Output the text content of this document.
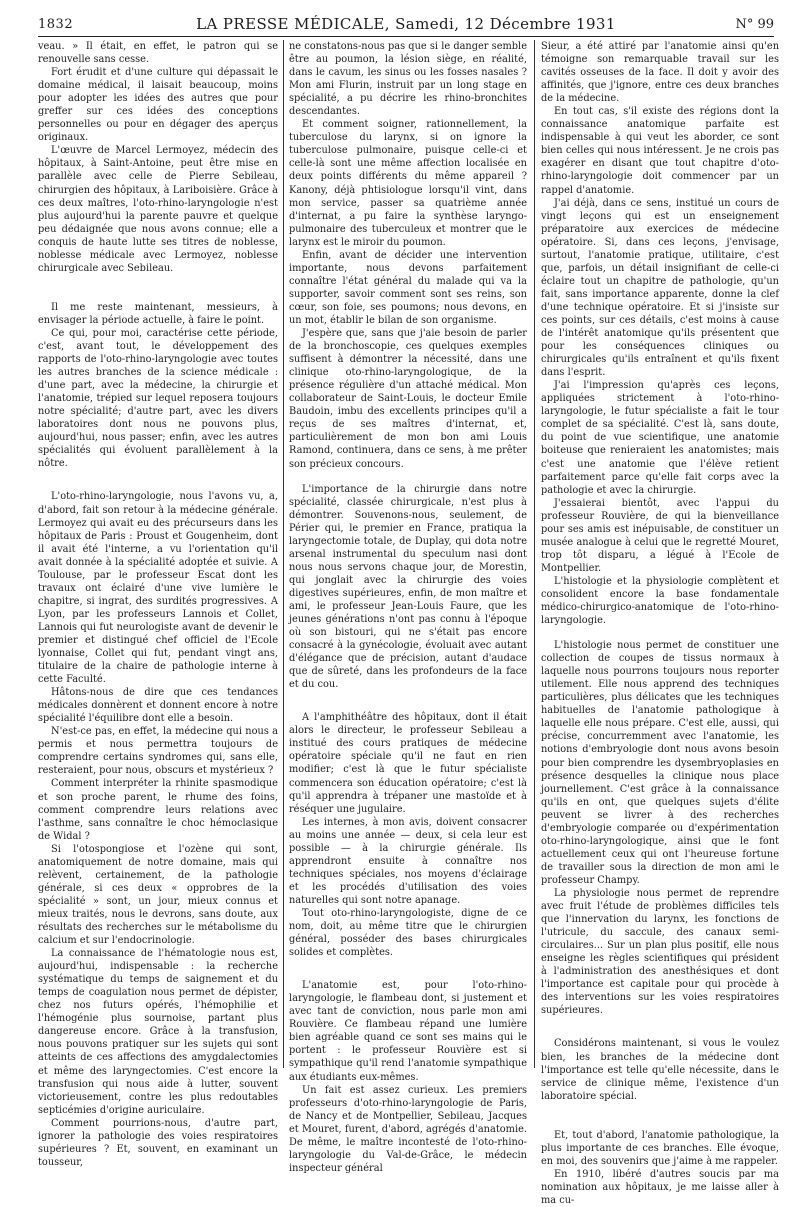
1832	LA PRESSE MÉDICALE, Samedi, 12 Décembre 1931	N° 99

veau. » Il était, en effet, le patron qui se renouvelle sans cesse.

Fort érudit et d'une culture qui dépassait le domaine médical, il laisait beaucoup, moins pour adopter les idées des autres que pour greffer sur ces idées des conceptions personnelles ou pour en dégager des aperçus originaux.

L'œuvre de Marcel Lermoyez, médecin des hôpitaux, à Saint-Antoine, peut être mise en parallèle avec celle de Pierre Sebileau, chirurgien des hôpitaux, à Lariboisière. Grâce à ces deux maîtres, l'oto-rhino-laryngologie n'est plus aujourd'hui la parente pauvre et quelque peu dédaignée que nous avons connue; elle a conquis de haute lutte ses titres de noblesse, noblesse médicale avec Lermoyez, noblesse chirurgicale avec Sebileau.

Il me reste maintenant, messieurs, à envisager la période actuelle, à faire le point.

Ce qui, pour moi, caractérise cette période, c'est, avant tout, le développement des rapports de l'oto-rhino-laryngologie avec toutes les autres branches de la science médicale : d'une part, avec la médecine, la chirurgie et l'anatomie, trépied sur lequel reposera toujours notre spécialité; d'autre part, avec les divers laboratoires dont nous ne pouvons plus, aujourd'hui, nous passer; enfin, avec les autres spécialités qui évoluent parallèlement à la nôtre.

L'oto-rhino-laryngologie, nous l'avons vu, a, d'abord, fait son retour à la médecine générale. Lermoyez qui avait eu des précurseurs dans les hôpitaux de Paris : Proust et Gougenheim, dont il avait été l'interne, a vu l'orientation qu'il avait donnée à la spécialité adoptée et suivie. A Toulouse, par le professeur Escat dont les travaux ont éclairé d'une vive lumière le chapitre, si ingrat, des surdités progressives. A Lyon, par les professeurs Lannois et Collet, Lannois qui fut neurologiste avant de devenir le premier et distingué chef officiel de l'Ecole lyonnaise, Collet qui fut, pendant vingt ans, titulaire de la chaire de pathologie interne à cette Faculté.

Hâtons-nous de dire que ces tendances médicales donnèrent et donnent encore à notre spécialité l'équilibre dont elle a besoin.

N'est-ce pas, en effet, la médecine qui nous a permis et nous permettra toujours de comprendre certains syndromes qui, sans elle, resteraient, pour nous, obscurs et mystérieux ?

Comment interpréter la rhinite spasmodique et son proche parent, le rhume des foins, comment comprendre leurs relations avec l'asthme, sans connaître le choc hémoclasique de Widal ?

Si l'otospongiose et l'ozène qui sont, anatomiquement de notre domaine, mais qui relèvent, certainement, de la pathologie générale, si ces deux « opprobres de la spécialité » sont, un jour, mieux connus et mieux traités, nous le devrons, sans doute, aux résultats des recherches sur le métabolisme du calcium et sur l'endocrinologie.

La connaissance de l'hématologie nous est, aujourd'hui, indispensable : la recherche systématique du temps de saignement et du temps de coagulation nous permet de dépister, chez nos futurs opérés, l'hémophilie et l'hémogénie plus sournoise, partant plus dangereuse encore. Grâce à la transfusion, nous pouvons pratiquer sur les sujets qui sont atteints de ces affections des amygdalectomies et même des laryngectomies. C'est encore la transfusion qui nous aide à lutter, souvent victorieusement, contre les plus redoutables septicémies d'origine auriculaire.

Comment pourrions-nous, d'autre part, ignorer la pathologie des voies respiratoires supérieures ? Et, souvent, en examinant un tousseur,

ne constatons-nous pas que si le danger semble être au poumon, la lésion siège, en réalité, dans le cavum, les sinus ou les fosses nasales ? Mon ami Flurin, instruit par un long stage en spécialité, a pu décrire les rhino-bronchites descendantes.

Et comment soigner, rationnellement, la tuberculose du larynx, si on ignore la tuberculose pulmonaire, puisque celle-ci et celle-là sont une même affection localisée en deux points différents du même appareil ? Kanony, déjà phtisiologue lorsqu'il vint, dans mon service, passer sa quatrième année d'internat, a pu faire la synthèse laryngo-pulmonaire des tuberculeux et montrer que le larynx est le miroir du poumon.

Enfin, avant de décider une intervention importante, nous devons parfaitement connaître l'état général du malade qui va la supporter, savoir comment sont ses reins, son cœur, son foie, ses poumons; nous devons, en un mot, établir le bilan de son organisme.

J'espère que, sans que j'aie besoin de parler de la bronchoscopie, ces quelques exemples suffisent à démontrer la nécessité, dans une clinique oto-rhino-laryngologique, de la présence régulière d'un attaché médical. Mon collaborateur de Saint-Louis, le docteur Emile Baudoin, imbu des excellents principes qu'il a reçus de ses maîtres d'internat, et, particulièrement de mon bon ami Louis Ramond, continuera, dans ce sens, à me prêter son précieux concours.

L'importance de la chirurgie dans notre spécialité, classée chirurgicale, n'est plus à démontrer. Souvenons-nous, seulement, de Périer qui, le premier en France, pratiqua la laryngectomie totale, de Duplay, qui dota notre arsenal instrumental du speculum nasi dont nous nous servons chaque jour, de Morestin, qui jonglait avec la chirurgie des voies digestives supérieures, enfin, de mon maître et ami, le professeur Jean-Louis Faure, que les jeunes générations n'ont pas connu à l'époque où son bistouri, qui ne s'était pas encore consacré à la gynécologie, évoluait avec autant d'élégance que de précision, autant d'audace que de sûreté, dans les profondeurs de la face et du cou.

A l'amphithéâtre des hôpitaux, dont il était alors le directeur, le professeur Sebileau a institué des cours pratiques de médecine opératoire spéciale qu'il ne faut en rien modifier; c'est là que le futur spécialiste commencera son éducation opératoire; c'est là qu'il apprendra à trépaner une mastoïde et à réséquer une jugulaire.

Les internes, à mon avis, doivent consacrer au moins une année — deux, si cela leur est possible — à la chirurgie générale. Ils apprendront ensuite à connaître nos techniques spéciales, nos moyens d'éclairage et les procédés d'utilisation des voies naturelles qui sont notre apanage.

Tout oto-rhino-laryngologiste, digne de ce nom, doit, au même titre que le chirurgien général, posséder des bases chirurgicales solides et complètes.

L'anatomie est, pour l'oto-rhino-laryngologie, le flambeau dont, si justement et avec tant de conviction, nous parle mon ami Rouvière. Ce flambeau répand une lumière bien agréable quand ce sont ses mains qui le portent : le professeur Rouvière est si sympathique qu'il rend l'anatomie sympathique aux étudiants eux-mêmes.

Un fait est assez curieux. Les premiers professeurs d'oto-rhino-laryngologie de Paris, de Nancy et de Montpellier, Sebileau, Jacques et Mouret, furent, d'abord, agrégés d'anatomie. De même, le maître incontesté de l'oto-rhino-laryngologie du Val-de-Grâce, le médecin inspecteur général

Sieur, a été attiré par l'anatomie ainsi qu'en témoigne son remarquable travail sur les cavités osseuses de la face. Il doit y avoir des affinités, que j'ignore, entre ces deux branches de la médecine.

En tout cas, s'il existe des régions dont la connaissance anatomique parfaite est indispensable à qui veut les aborder, ce sont bien celles qui nous intéressent. Je ne crois pas exagérer en disant que tout chapitre d'oto-rhino-laryngologie doit commencer par un rappel d'anatomie.

J'ai déjà, dans ce sens, institué un cours de vingt leçons qui est un enseignement préparatoire aux exercices de médecine opératoire. Si, dans ces leçons, j'envisage, surtout, l'anatomie pratique, utilitaire, c'est que, parfois, un détail insignifiant de celle-ci éclaire tout un chapitre de pathologie, qu'un fait, sans importance apparente, donne la clef d'une technique opératoire. Et si j'insiste sur ces points, sur ces détails, c'est moins à cause de l'intérêt anatomique qu'ils présentent que pour les conséquences cliniques ou chirurgicales qu'ils entraînent et qu'ils fixent dans l'esprit.

J'ai l'impression qu'après ces leçons, appliquées strictement à l'oto-rhino-laryngologie, le futur spécialiste a fait le tour complet de sa spécialité. C'est là, sans doute, du point de vue scientifique, une anatomie boiteuse que renieraient les anatomistes; mais c'est une anatomie que l'élève retient parfaitement parce qu'elle fait corps avec la pathologie et avec la chirurgie.

J'essaierai bientôt, avec l'appui du professeur Rouvière, de qui la bienveillance pour ses amis est inépuisable, de constituer un musée analogue à celui que le regretté Mouret, trop tôt disparu, a légué à l'Ecole de Montpellier.

L'histologie et la physiologie complètent et consolident encore la base fondamentale médico-chirurgico-anatomique de l'oto-rhino-laryngologie.

L'histologie nous permet de constituer une collection de coupes de tissus normaux à laquelle nous pourrons toujours nous reporter utilement. Elle nous apprend des techniques particulières, plus délicates que les techniques habituelles de l'anatomie pathologique à laquelle elle nous prépare. C'est elle, aussi, qui précise, concurremment avec l'anatomie, les notions d'embryologie dont nous avons besoin pour bien comprendre les dysembryoplasies en présence desquelles la clinique nous place journellement. C'est grâce à la connaissance qu'ils en ont, que quelques sujets d'élite peuvent se livrer à des recherches d'embryologie comparée ou d'expérimentation oto-rhino-laryngologique, ainsi que le font actuellement ceux qui ont l'heureuse fortune de travailler sous la direction de mon ami le professeur Champy.

La physiologie nous permet de reprendre avec fruit l'étude de problèmes difficiles tels que l'innervation du larynx, les fonctions de l'utricule, du saccule, des canaux semi-circulaires... Sur un plan plus positif, elle nous enseigne les règles scientifiques qui président à l'administration des anesthésiques et dont l'importance est capitale pour qui procède à des interventions sur les voies respiratoires supérieures.

Considérons maintenant, si vous le voulez bien, les branches de la médecine dont l'importance est telle qu'elle nécessite, dans le service de clinique même, l'existence d'un laboratoire spécial.

Et, tout d'abord, l'anatomie pathologique, la plus importante de ces branches. Elle évoque, en moi, des souvenirs que j'aime à me rappeler.

En 1910, libéré d'autres soucis par ma nomination aux hôpitaux, je me laisse aller à ma cu-
